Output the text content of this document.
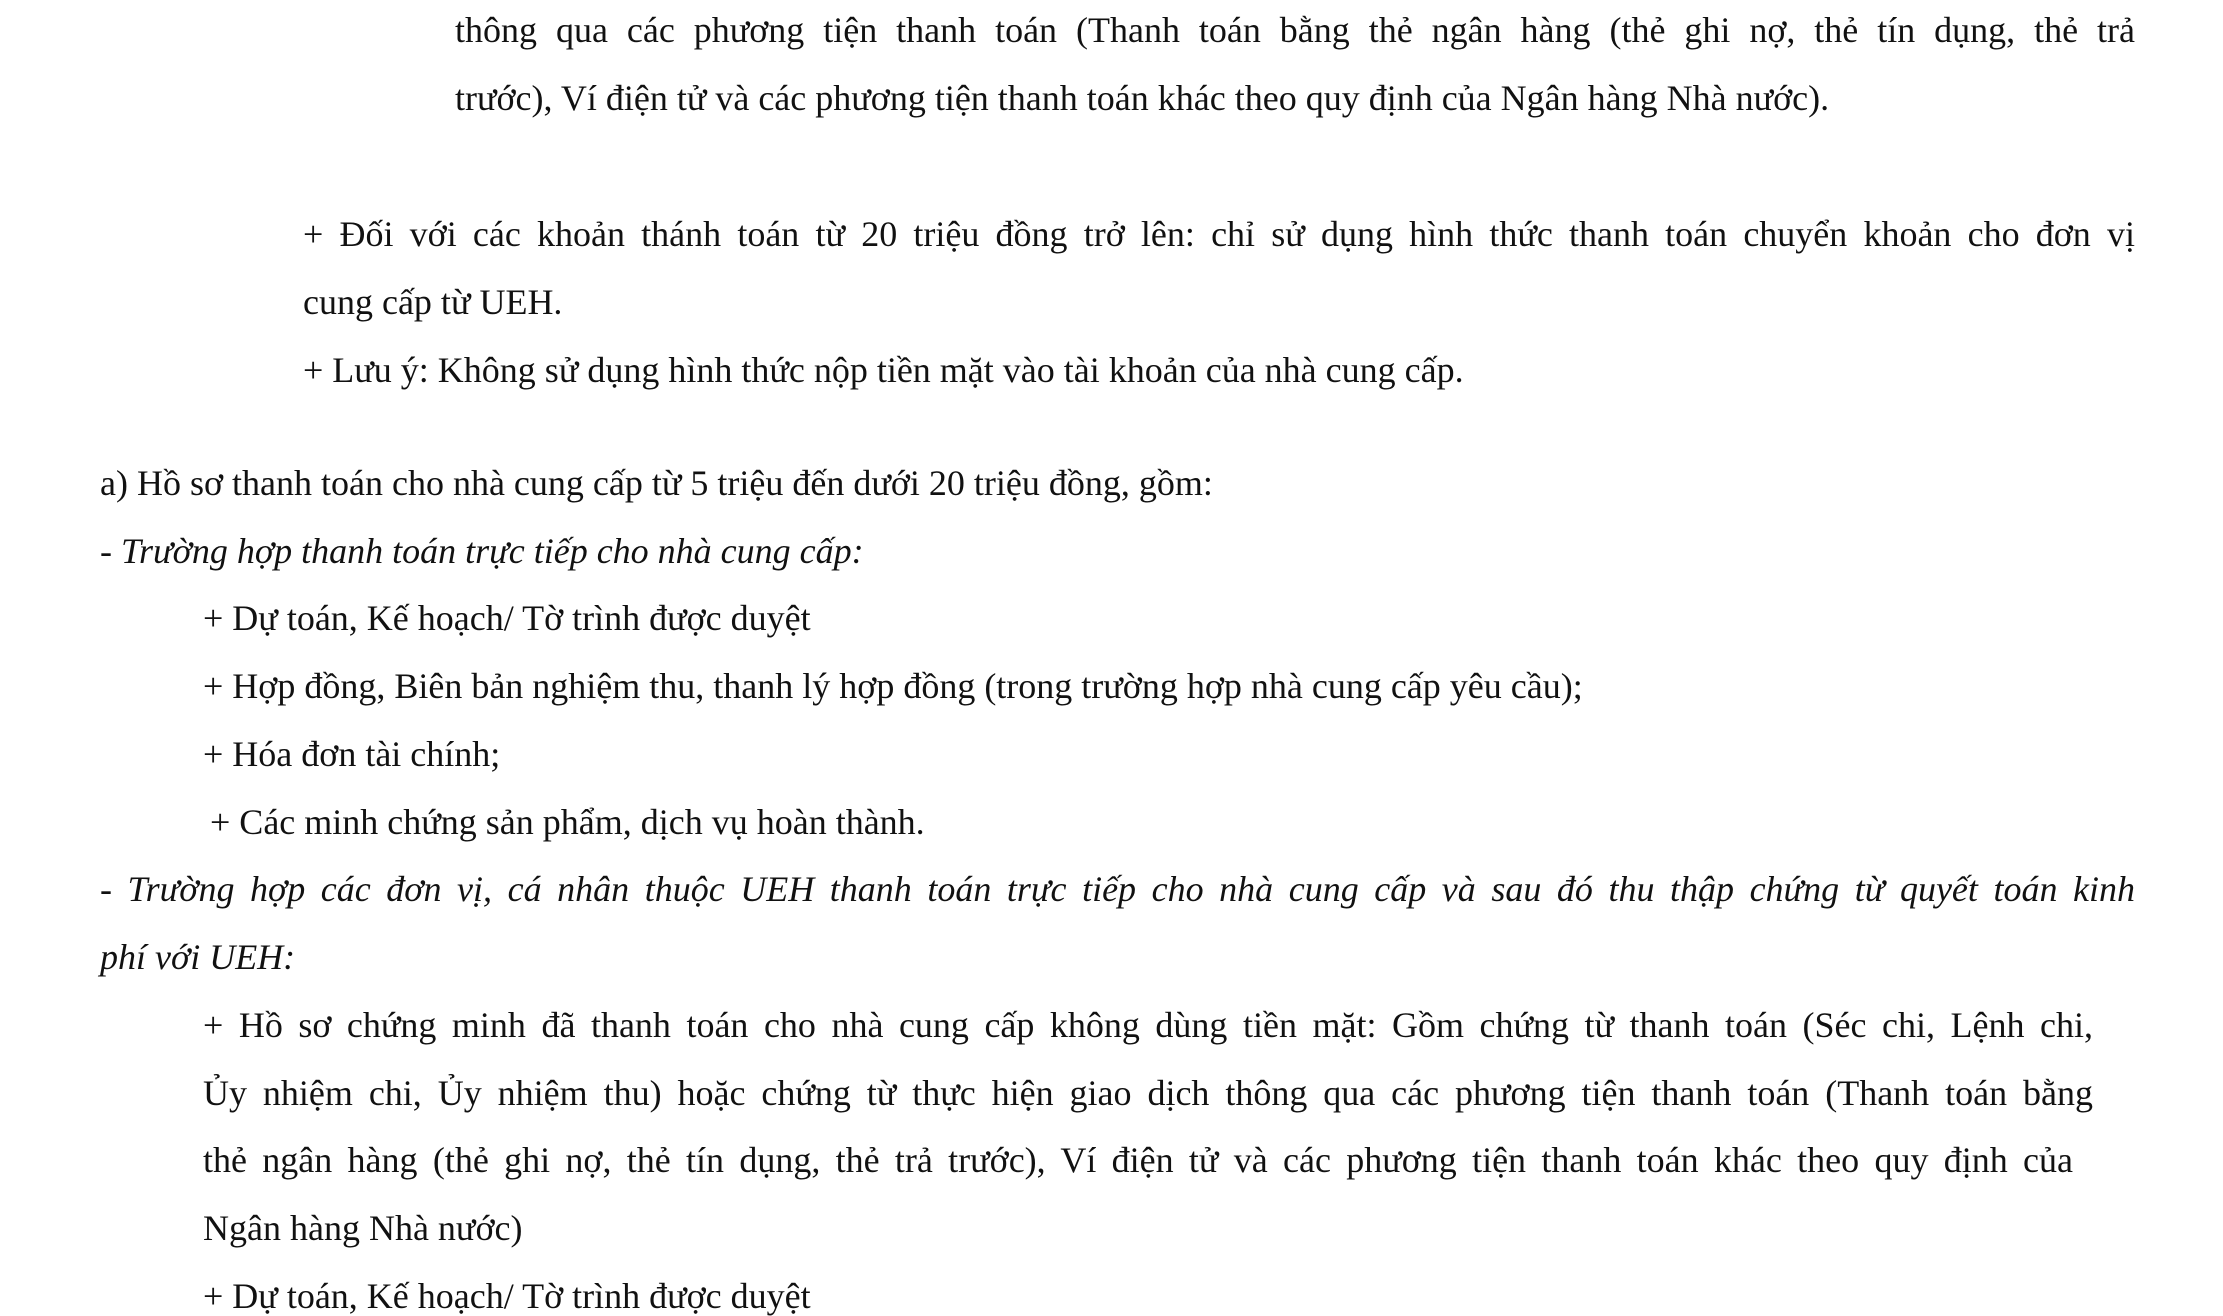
thông qua các phương tiện thanh toán (Thanh toán bằng thẻ ngân hàng (thẻ ghi nợ, thẻ tín dụng, thẻ trả
trước), Ví điện tử và các phương tiện thanh toán khác theo quy định của Ngân hàng Nhà nước).
+ Đối với các khoản thánh toán từ 20 triệu đồng trở lên: chỉ sử dụng hình thức thanh toán chuyển khoản cho đơn vị
cung cấp từ UEH.
+ Lưu ý: Không sử dụng hình thức nộp tiền mặt vào tài khoản của nhà cung cấp.
a) Hồ sơ thanh toán cho nhà cung cấp từ 5 triệu đến dưới 20 triệu đồng, gồm:
- Trường hợp thanh toán trực tiếp cho nhà cung cấp:
+ Dự toán, Kế hoạch/ Tờ trình được duyệt
+ Hợp đồng, Biên bản nghiệm thu, thanh lý hợp đồng (trong trường hợp nhà cung cấp yêu cầu);
+ Hóa đơn tài chính;
+ Các minh chứng sản phẩm, dịch vụ hoàn thành.
- Trường hợp các đơn vị, cá nhân thuộc UEH thanh toán trực tiếp cho nhà cung cấp và sau đó thu thập chứng từ quyết toán kinh
phí với UEH:
+ Hồ sơ chứng minh đã thanh toán cho nhà cung cấp không dùng tiền mặt: Gồm chứng từ thanh toán (Séc chi, Lệnh chi,
Ủy nhiệm chi, Ủy nhiệm thu) hoặc chứng từ thực hiện giao dịch thông qua các phương tiện thanh toán (Thanh toán bằng
thẻ ngân hàng (thẻ ghi nợ, thẻ tín dụng, thẻ trả trước), Ví điện tử và các phương tiện thanh toán khác theo quy định của
Ngân hàng Nhà nước)
+ Dự toán, Kế hoạch/ Tờ trình được duyệt
